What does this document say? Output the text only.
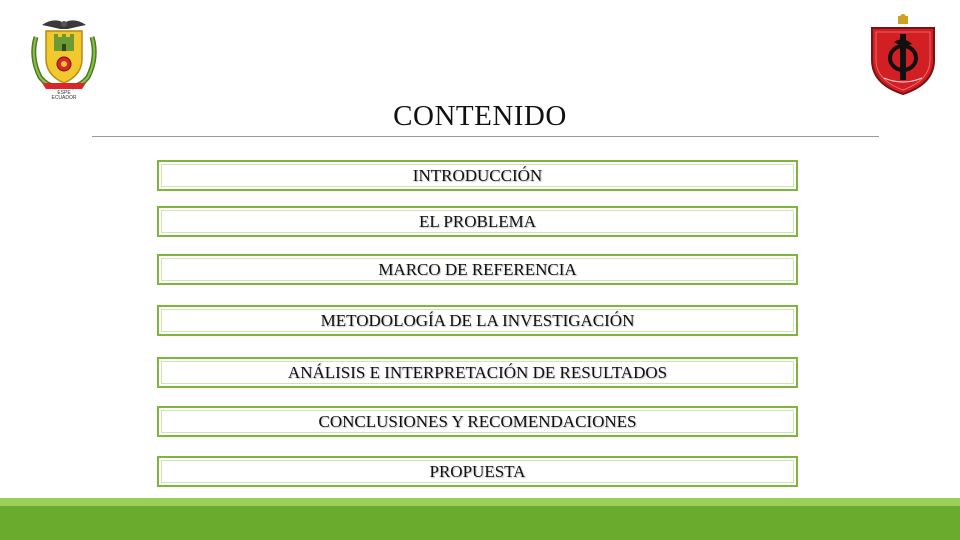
ESPE
ECUADOR
CONTENIDO
INTRODUCCIÓN
EL PROBLEMA
MARCO DE REFERENCIA
METODOLOGÍA DE LA INVESTIGACIÓN
ANÁLISIS E INTERPRETACIÓN DE RESULTADOS
CONCLUSIONES Y RECOMENDACIONES
PROPUESTA
